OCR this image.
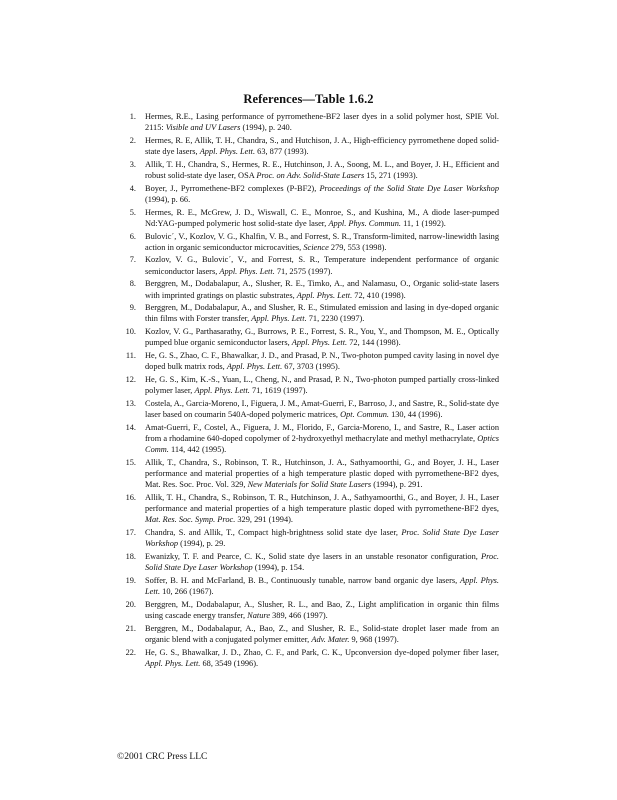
References—Table 1.6.2
1 . Hermes, R.E., Lasing performance of pyrromethene-BF2 laser dyes in a solid polymer host, SPIE Vol. 2115: Visible and UV Lasers (1994), p. 240.
2 . Hermes, R. E, Allik, T. H., Chandra, S., and Hutchison, J. A., High-efficiency pyrromethene doped solid-state dye lasers, Appl. Phys. Lett. 63, 877 (1993).
3 . Allik, T. H., Chandra, S., Hermes, R. E., Hutchinson, J. A., Soong, M. L., and Boyer, J. H., Efficient and robust solid-state dye laser, OSA Proc. on Adv. Solid-State Lasers 15, 271 (1993).
4 . Boyer, J., Pyrromethene-BF2 complexes (P-BF2), Proceedings of the Solid State Dye Laser Workshop (1994), p. 66.
5 . Hermes, R. E., McGrew, J. D., Wiswall, C. E., Monroe, S., and Kushina, M., A diode laser-pumped Nd:YAG-pumped polymeric host solid-state dye laser, Appl. Phys. Commun. 11, 1 (1992).
6 . Bulovic´, V., Kozlov, V. G., Khalfin, V. B., and Forrest, S. R., Transform-limited, narrow-linewidth lasing action in organic semiconductor microcavities, Science 279, 553 (1998).
7 . Kozlov, V. G., Bulovic´, V., and Forrest, S. R., Temperature independent performance of organic semiconductor lasers, Appl. Phys. Lett. 71, 2575 (1997).
8 . Berggren, M., Dodabalapur, A., Slusher, R. E., Timko, A., and Nalamasu, O., Organic solid-state lasers with imprinted gratings on plastic substrates, Appl. Phys. Lett. 72, 410 (1998).
9 . Berggren, M., Dodabalapur, A., and Slusher, R. E., Stimulated emission and lasing in dye-doped organic thin films with Forster transfer, Appl. Phys. Lett. 71, 2230 (1997).
10 . Kozlov, V. G., Parthasarathy, G., Burrows, P. E., Forrest, S. R., You, Y., and Thompson, M. E., Optically pumped blue organic semiconductor lasers, Appl. Phys. Lett. 72, 144 (1998).
11 . He, G. S., Zhao, C. F., Bhawalkar, J. D., and Prasad, P. N., Two-photon pumped cavity lasing in novel dye doped bulk matrix rods, Appl. Phys. Lett. 67, 3703 (1995).
12 . He, G. S., Kim, K.-S., Yuan, L., Cheng, N., and Prasad, P. N., Two-photon pumped partially cross-linked polymer laser, Appl. Phys. Lett. 71, 1619 (1997).
13 . Costela, A., Garcia-Moreno, I., Figuera, J. M., Amat-Guerri, F., Barroso, J., and Sastre, R., Solid-state dye laser based on coumarin 540A-doped polymeric matrices, Opt. Commun. 130, 44 (1996).
14 . Amat-Guerri, F., Costel, A., Figuera, J. M., Florido, F., Garcia-Moreno, I., and Sastre, R., Laser action from a rhodamine 640-doped copolymer of 2-hydroxyethyl methacrylate and methyl methacrylate, Optics Comm. 114, 442 (1995).
15 . Allik, T., Chandra, S., Robinson, T. R., Hutchinson, J. A., Sathyamoorthi, G., and Boyer, J. H., Laser performance and material properties of a high temperature plastic doped with pyrromethene-BF2 dyes, Mat. Res. Soc. Proc. Vol. 329, New Materials for Solid State Lasers (1994), p. 291.
16 . Allik, T. H., Chandra, S., Robinson, T. R., Hutchinson, J. A., Sathyamoorthi, G., and Boyer, J. H., Laser performance and material properties of a high temperature plastic doped with pyrromethene-BF2 dyes, Mat. Res. Soc. Symp. Proc. 329, 291 (1994).
17 . Chandra, S. and Allik, T., Compact high-brightness solid state dye laser, Proc. Solid State Dye Laser Workshop (1994), p. 29.
18 . Ewanizky, T. F. and Pearce, C. K., Solid state dye lasers in an unstable resonator configuration, Proc. Solid State Dye Laser Workshop (1994), p. 154.
19 . Soffer, B. H. and McFarland, B. B., Continuously tunable, narrow band organic dye lasers, Appl. Phys. Lett. 10, 266 (1967).
20 . Berggren, M., Dodabalapur, A., Slusher, R. L., and Bao, Z., Light amplification in organic thin films using cascade energy transfer, Nature 389, 466 (1997).
21 . Berggren, M., Dodabalapur, A., Bao, Z., and Slusher, R. E., Solid-state droplet laser made from an organic blend with a conjugated polymer emitter, Adv. Mater. 9, 968 (1997).
22 . He, G. S., Bhawalkar, J. D., Zhao, C. F., and Park, C. K., Upconversion dye-doped polymer fiber laser, Appl. Phys. Lett. 68, 3549 (1996).
©2001 CRC Press LLC
